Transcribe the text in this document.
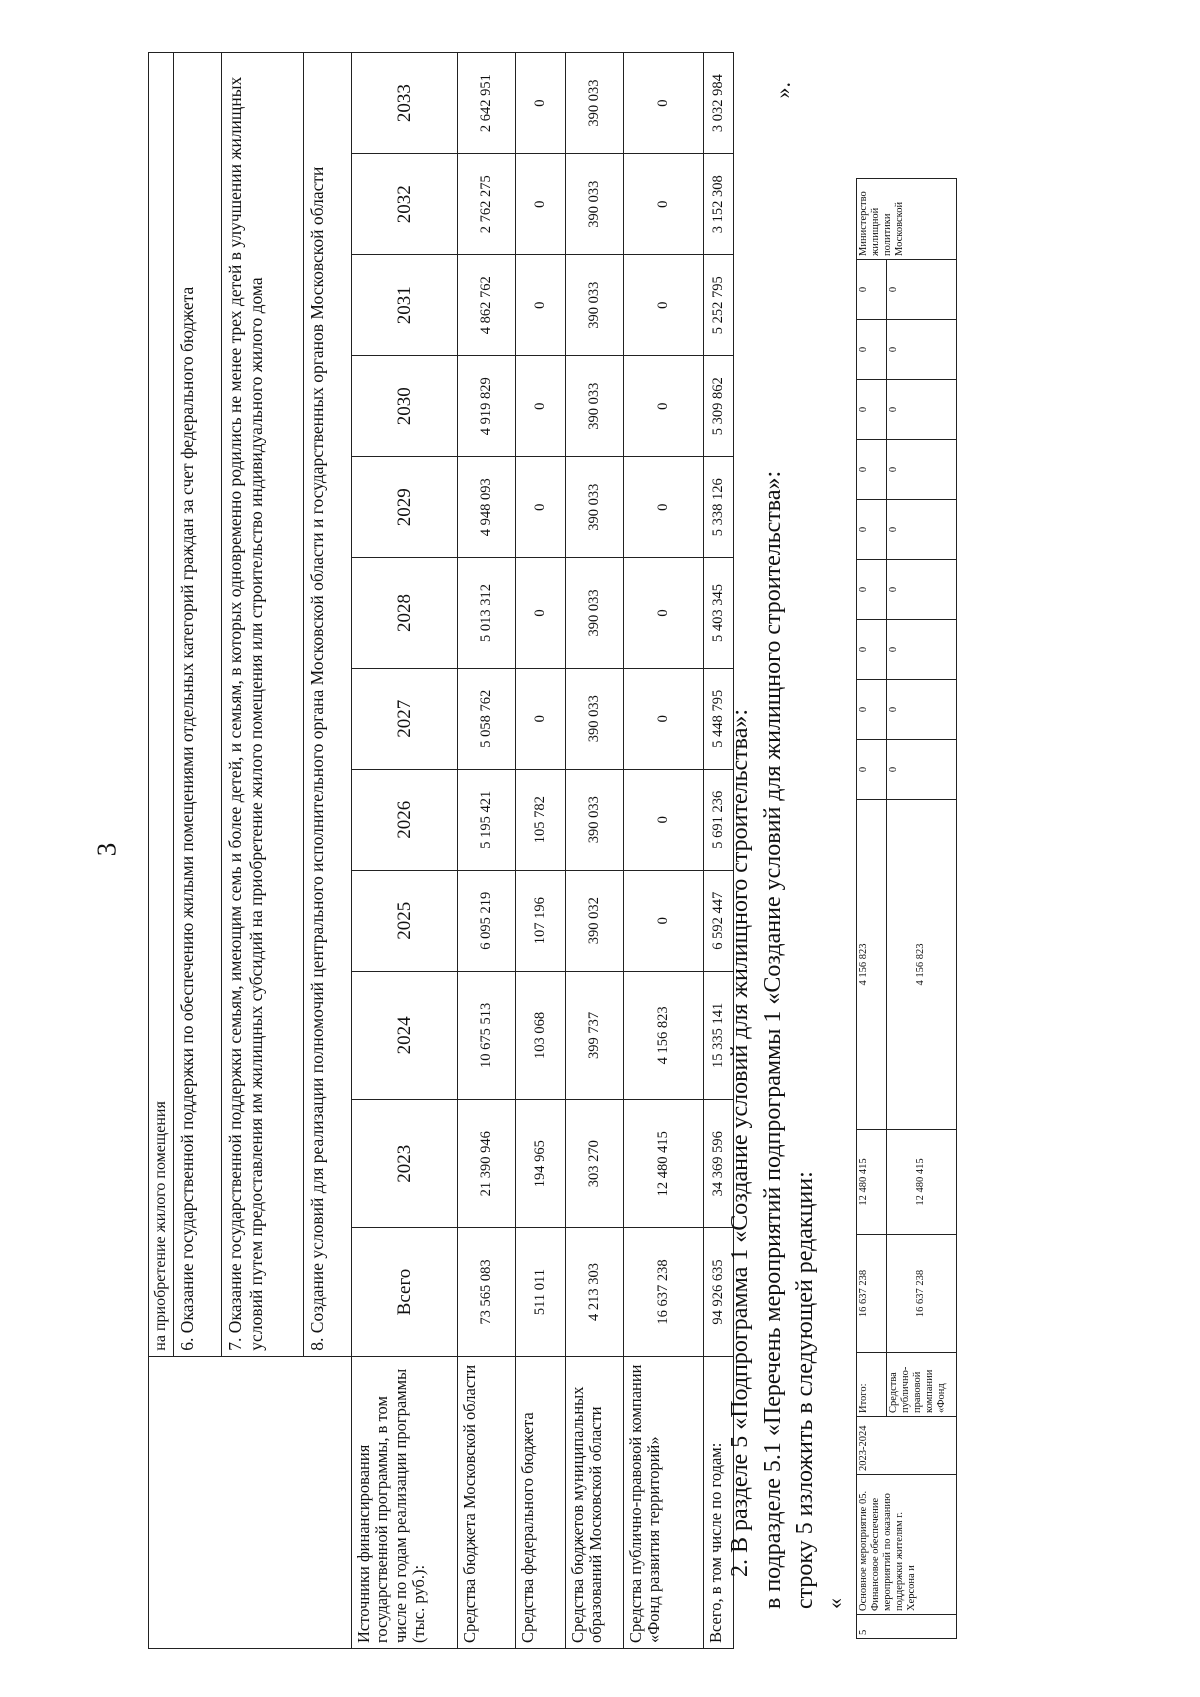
3
	на приобретение жилого помещения											
	6. Оказание государственной поддержки по обеспечению жилыми помещениями отдельных категорий граждан за счет федерального бюджета											
	7. Оказание государственной поддержки семьям, имеющим семь и более детей, и семьям, в которых одновременно родились не менее трех детей в улучшении жилищных условий путем предоставления им жилищных субсидий на приобретение жилого помещения или строительство индивидуального жилого дома											
	8. Создание условий для реализации полномочий центрального исполнительного органа Московской области и государственных органов Московской области											
Источники финансирования государственной программы, в том числе по годам реализации программы (тыс. руб.):	Всего	2023	2024	2025	2026	2027	2028	2029	2030	2031	2032	2033
Средства бюджета Московской области	73 565 083	21 390 946	10 675 513	6 095 219	5 195 421	5 058 762	5 013 312	4 948 093	4 919 829	4 862 762	2 762 275	2 642 951
Средства федерального бюджета	511 011	194 965	103 068	107 196	105 782	0	0	0	0	0	0	0
Средства бюджетов муниципальных образований Московской области	4 213 303	303 270	399 737	390 032	390 033	390 033	390 033	390 033	390 033	390 033	390 033	390 033
Средства публично-правовой компании «Фонд развития территорий»	16 637 238	12 480 415	4 156 823	0	0	0	0	0	0	0	0	0
Всего, в том числе по годам:	94 926 635	34 369 596	15 335 141	6 592 447	5 691 236	5 448 795	5 403 345	5 338 126	5 309 862	5 252 795	3 152 308	3 032 984 ».
2. В разделе 5 «Подпрограмма 1 «Создание условий для жилищного строительства»: в подразделе 5.1 «Перечень мероприятий подпрограммы 1 «Создание условий для жилищного строительства»: строку 5 изложить в следующей редакции: «
5	Основное мероприятие 05. Финансовое обеспечение мероприятий по оказанию поддержки жителям г. Херсона и	2023-2024	Итого:	16 637 238	12 480 415	4 156 823	0	0	0	0	0	0	0	0	0	Министерство жилищной политики Московской
			Средства публично-правовой компании «Фонд	16 637 238	12 480 415	4 156 823	0	0	0	0	0	0	0	0	0	
